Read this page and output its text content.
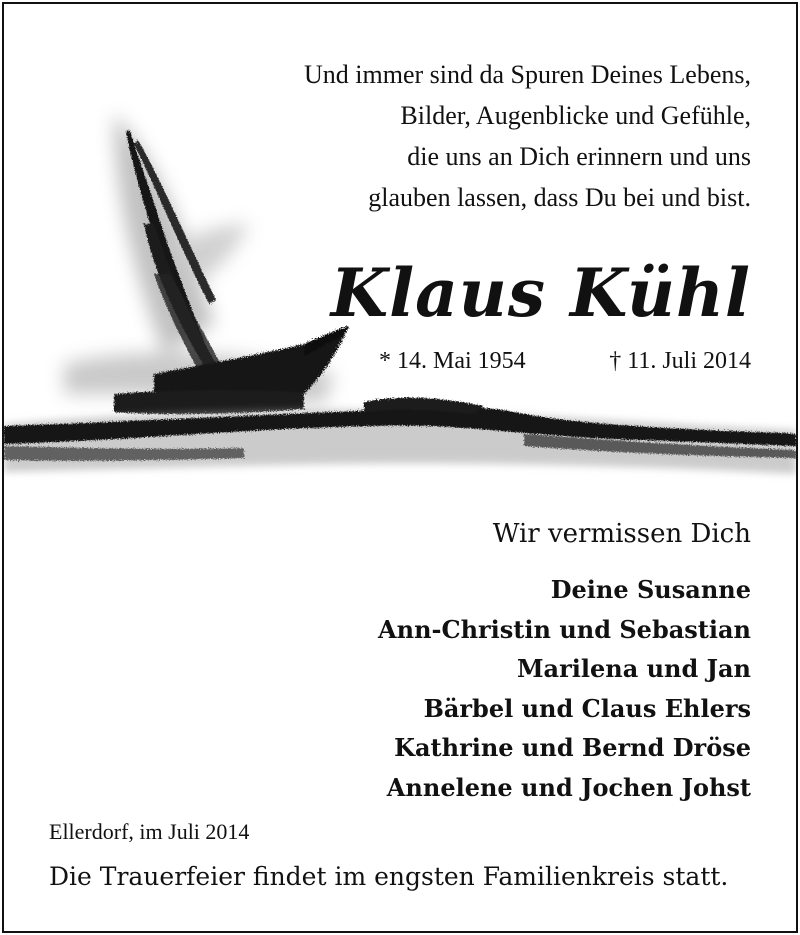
Und immer sind da Spuren Deines Lebens,
Bilder, Augenblicke und Gefühle,
die uns an Dich erinnern und uns
glauben lassen, dass Du bei und bist.
Klaus Kühl
* 14. Mai 1954	† 11. Juli 2014
Wir vermissen Dich
Deine Susanne
Ann-Christin und Sebastian
Marilena und Jan
Bärbel und Claus Ehlers
Kathrine und Bernd Dröse
Annelene und Jochen Johst
Ellerdorf, im Juli 2014
Die Trauerfeier findet im engsten Familienkreis statt.
